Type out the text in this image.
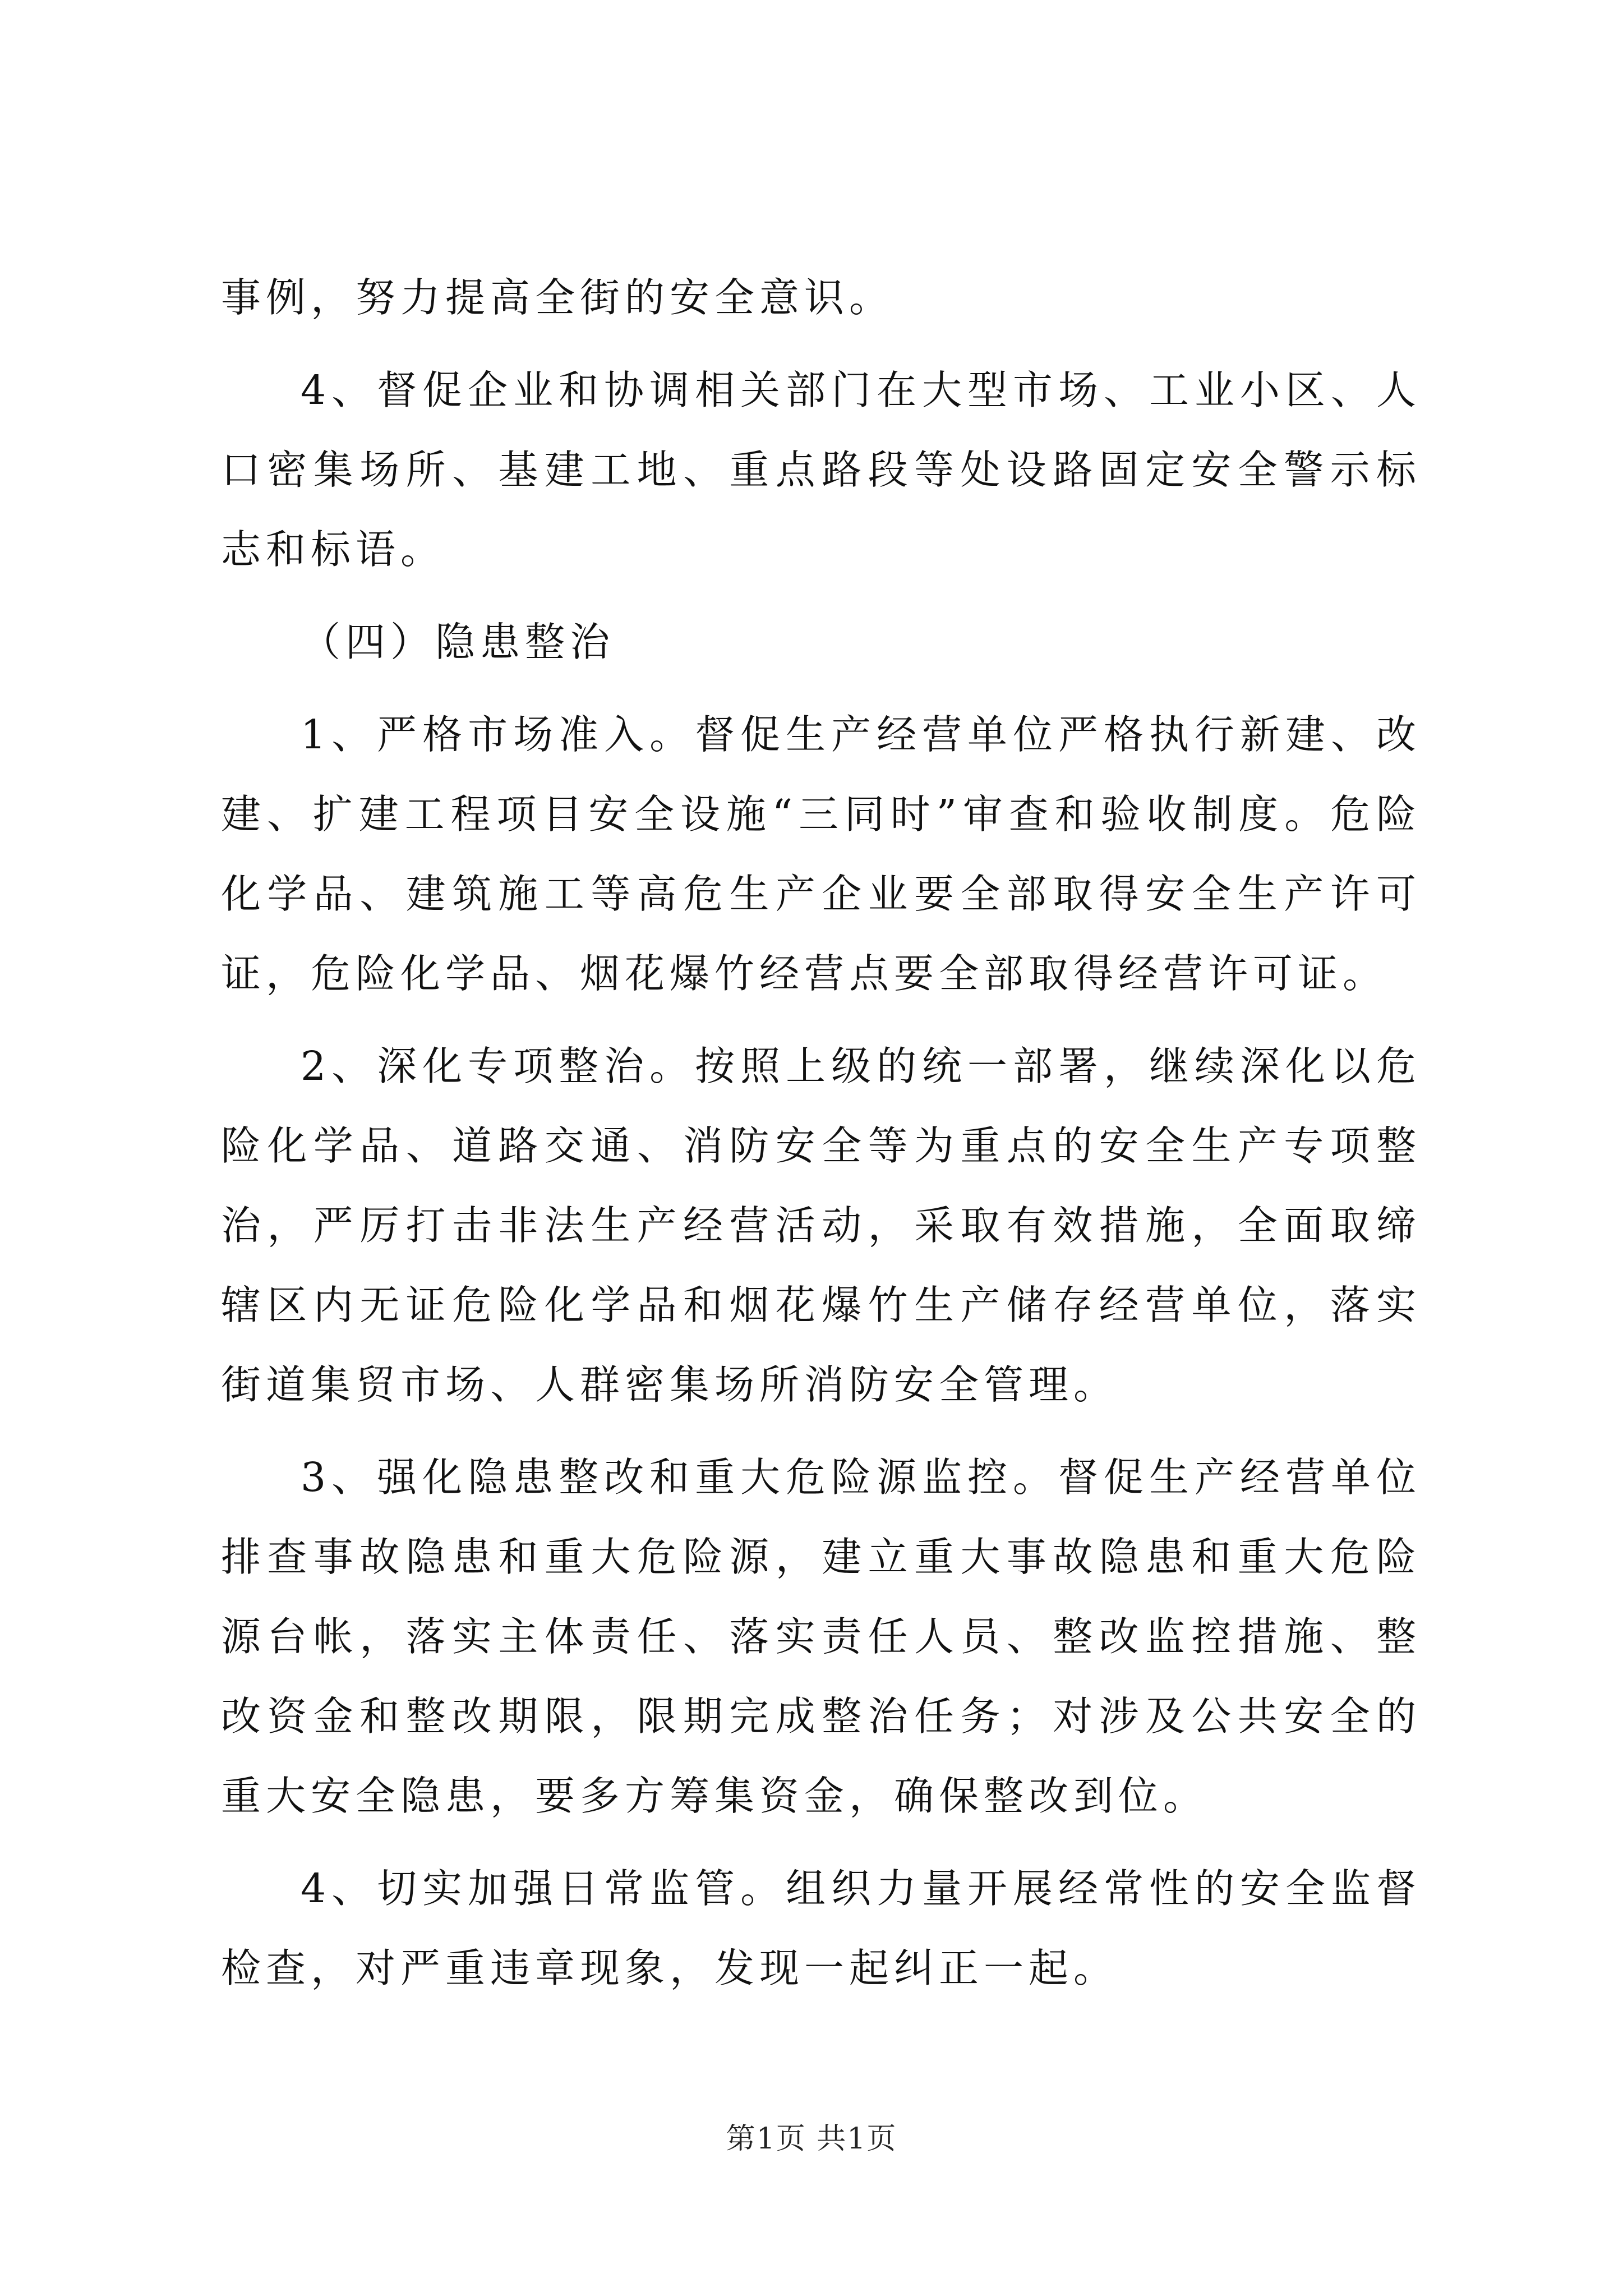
事例，努力提高全街的安全意识。

4、督促企业和协调相关部门在大型市场、工业小区、人口密集场所、基建工地、重点路段等处设路固定安全警示标志和标语。

（四）隐患整治

1、严格市场准入。督促生产经营单位严格执行新建、改建、扩建工程项目安全设施“三同时”审查和验收制度。危险化学品、建筑施工等高危生产企业要全部取得安全生产许可证，危险化学品、烟花爆竹经营点要全部取得经营许可证。

2、深化专项整治。按照上级的统一部署，继续深化以危险化学品、道路交通、消防安全等为重点的安全生产专项整治，严厉打击非法生产经营活动，采取有效措施，全面取缔辖区内无证危险化学品和烟花爆竹生产储存经营单位，落实街道集贸市场、人群密集场所消防安全管理。

3、强化隐患整改和重大危险源监控。督促生产经营单位排查事故隐患和重大危险源，建立重大事故隐患和重大危险源台帐，落实主体责任、落实责任人员、整改监控措施、整改资金和整改期限，限期完成整治任务；对涉及公共安全的重大安全隐患，要多方筹集资金，确保整改到位。

4、切实加强日常监管。组织力量开展经常性的安全监督检查，对严重违章现象，发现一起纠正一起。

第1页 共1页
